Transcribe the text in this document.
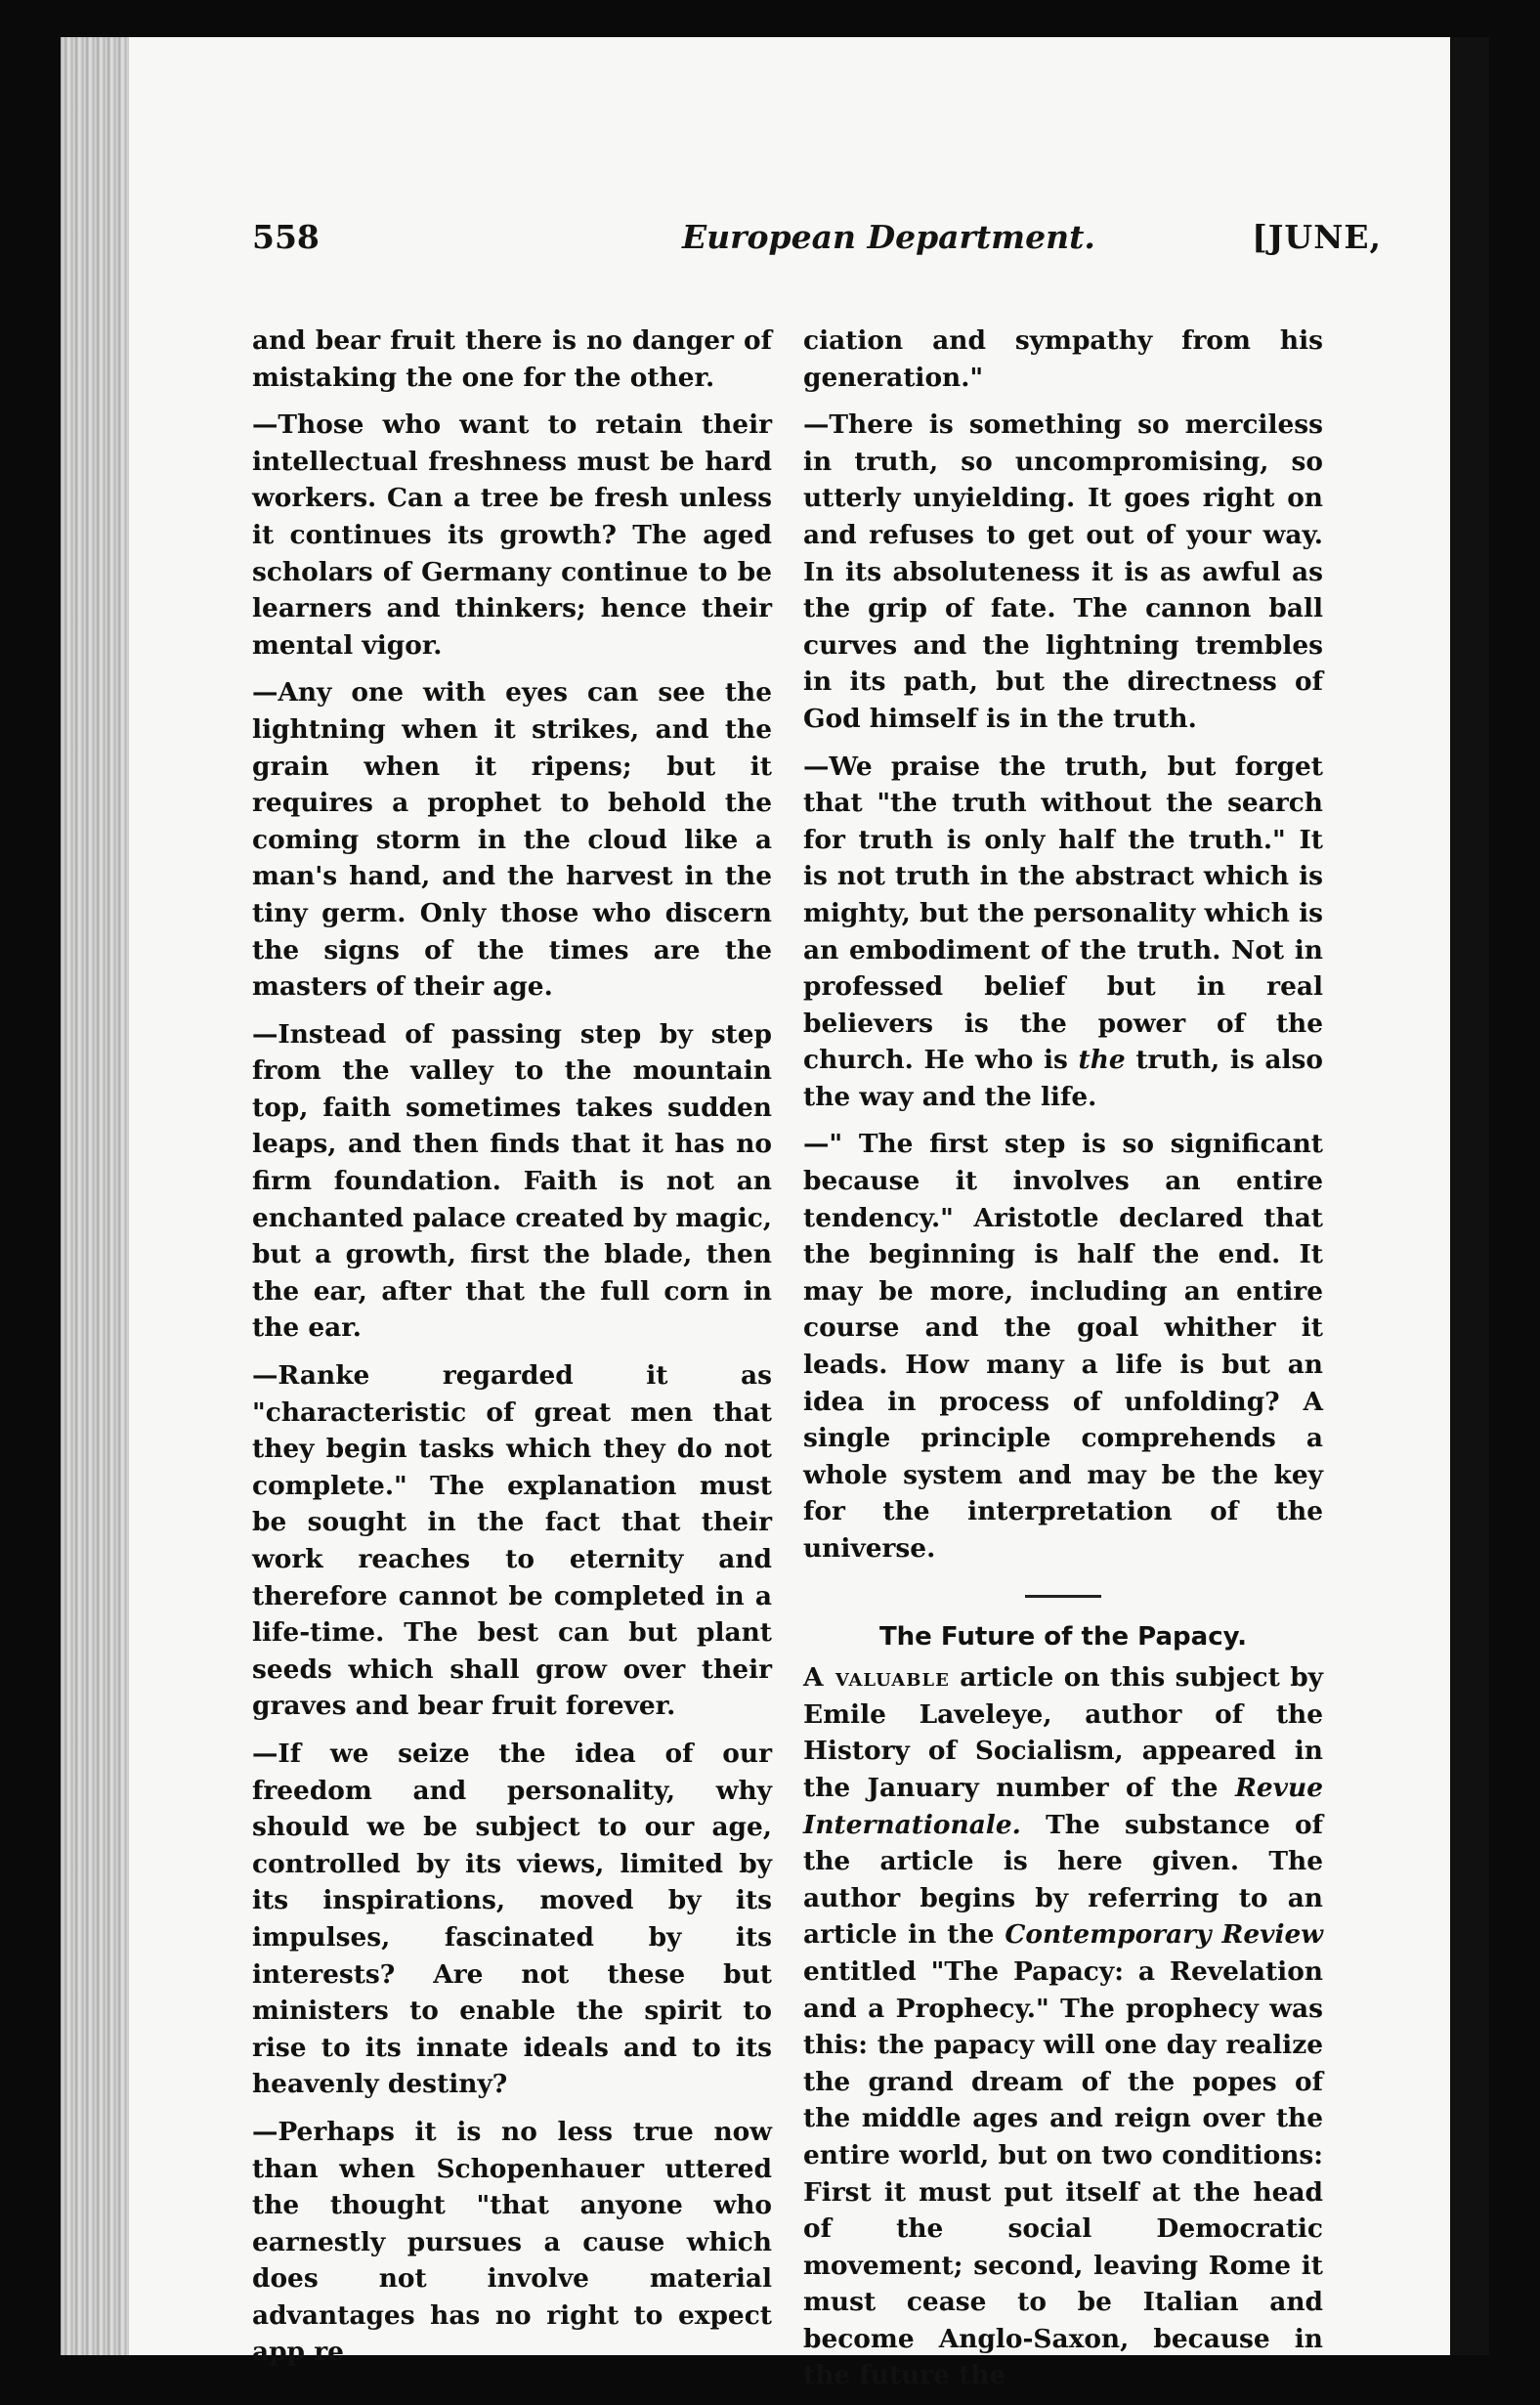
558	European Department.	[JUNE,

and bear fruit there is no danger of mistaking the one for the other.

—Those who want to retain their intellectual freshness must be hard workers. Can a tree be fresh unless it continues its growth? The aged scholars of Germany continue to be learners and thinkers; hence their mental vigor.

—Any one with eyes can see the lightning when it strikes, and the grain when it ripens; but it requires a prophet to behold the coming storm in the cloud like a man's hand, and the harvest in the tiny germ. Only those who discern the signs of the times are the masters of their age.

—Instead of passing step by step from the valley to the mountain top, faith sometimes takes sudden leaps, and then finds that it has no firm foundation. Faith is not an enchanted palace created by magic, but a growth, first the blade, then the ear, after that the full corn in the ear.

—Ranke regarded it as "characteristic of great men that they begin tasks which they do not complete." The explanation must be sought in the fact that their work reaches to eternity and therefore cannot be completed in a life-time. The best can but plant seeds which shall grow over their graves and bear fruit forever.

—If we seize the idea of our freedom and personality, why should we be subject to our age, controlled by its views, limited by its inspirations, moved by its impulses, fascinated by its interests? Are not these but ministers to enable the spirit to rise to its innate ideals and to its heavenly destiny?

—Perhaps it is no less true now than when Schopenhauer uttered the thought "that anyone who earnestly pursues a cause which does not involve material advantages has no right to expect app re

ciation and sympathy from his generation."

—There is something so merciless in truth, so uncompromising, so utterly unyielding. It goes right on and refuses to get out of your way. In its absoluteness it is as awful as the grip of fate. The cannon ball curves and the lightning trembles in its path, but the directness of God himself is in the truth.

—We praise the truth, but forget that "the truth without the search for truth is only half the truth." It is not truth in the abstract which is mighty, but the personality which is an embodiment of the truth. Not in professed belief but in real believers is the power of the church. He who is the truth, is also the way and the life.

—" The first step is so significant because it involves an entire tendency." Aristotle declared that the beginning is half the end. It may be more, including an entire course and the goal whither it leads. How many a life is but an idea in process of unfolding? A single principle comprehends a whole system and may be the key for the interpretation of the universe.

The Future of the Papacy.

A valuable article on this subject by Emile Laveleye, author of the History of Socialism, appeared in the January number of the Revue Internationale. The substance of the article is here given. The author begins by referring to an article in the Contemporary Review entitled "The Papacy: a Revelation and a Prophecy." The prophecy was this: the papacy will one day realize the grand dream of the popes of the middle ages and reign over the entire world, but on two conditions: First it must put itself at the head of the social Democratic movement; second, leaving Rome it must cease to be Italian and become Anglo-Saxon, because in the future the
